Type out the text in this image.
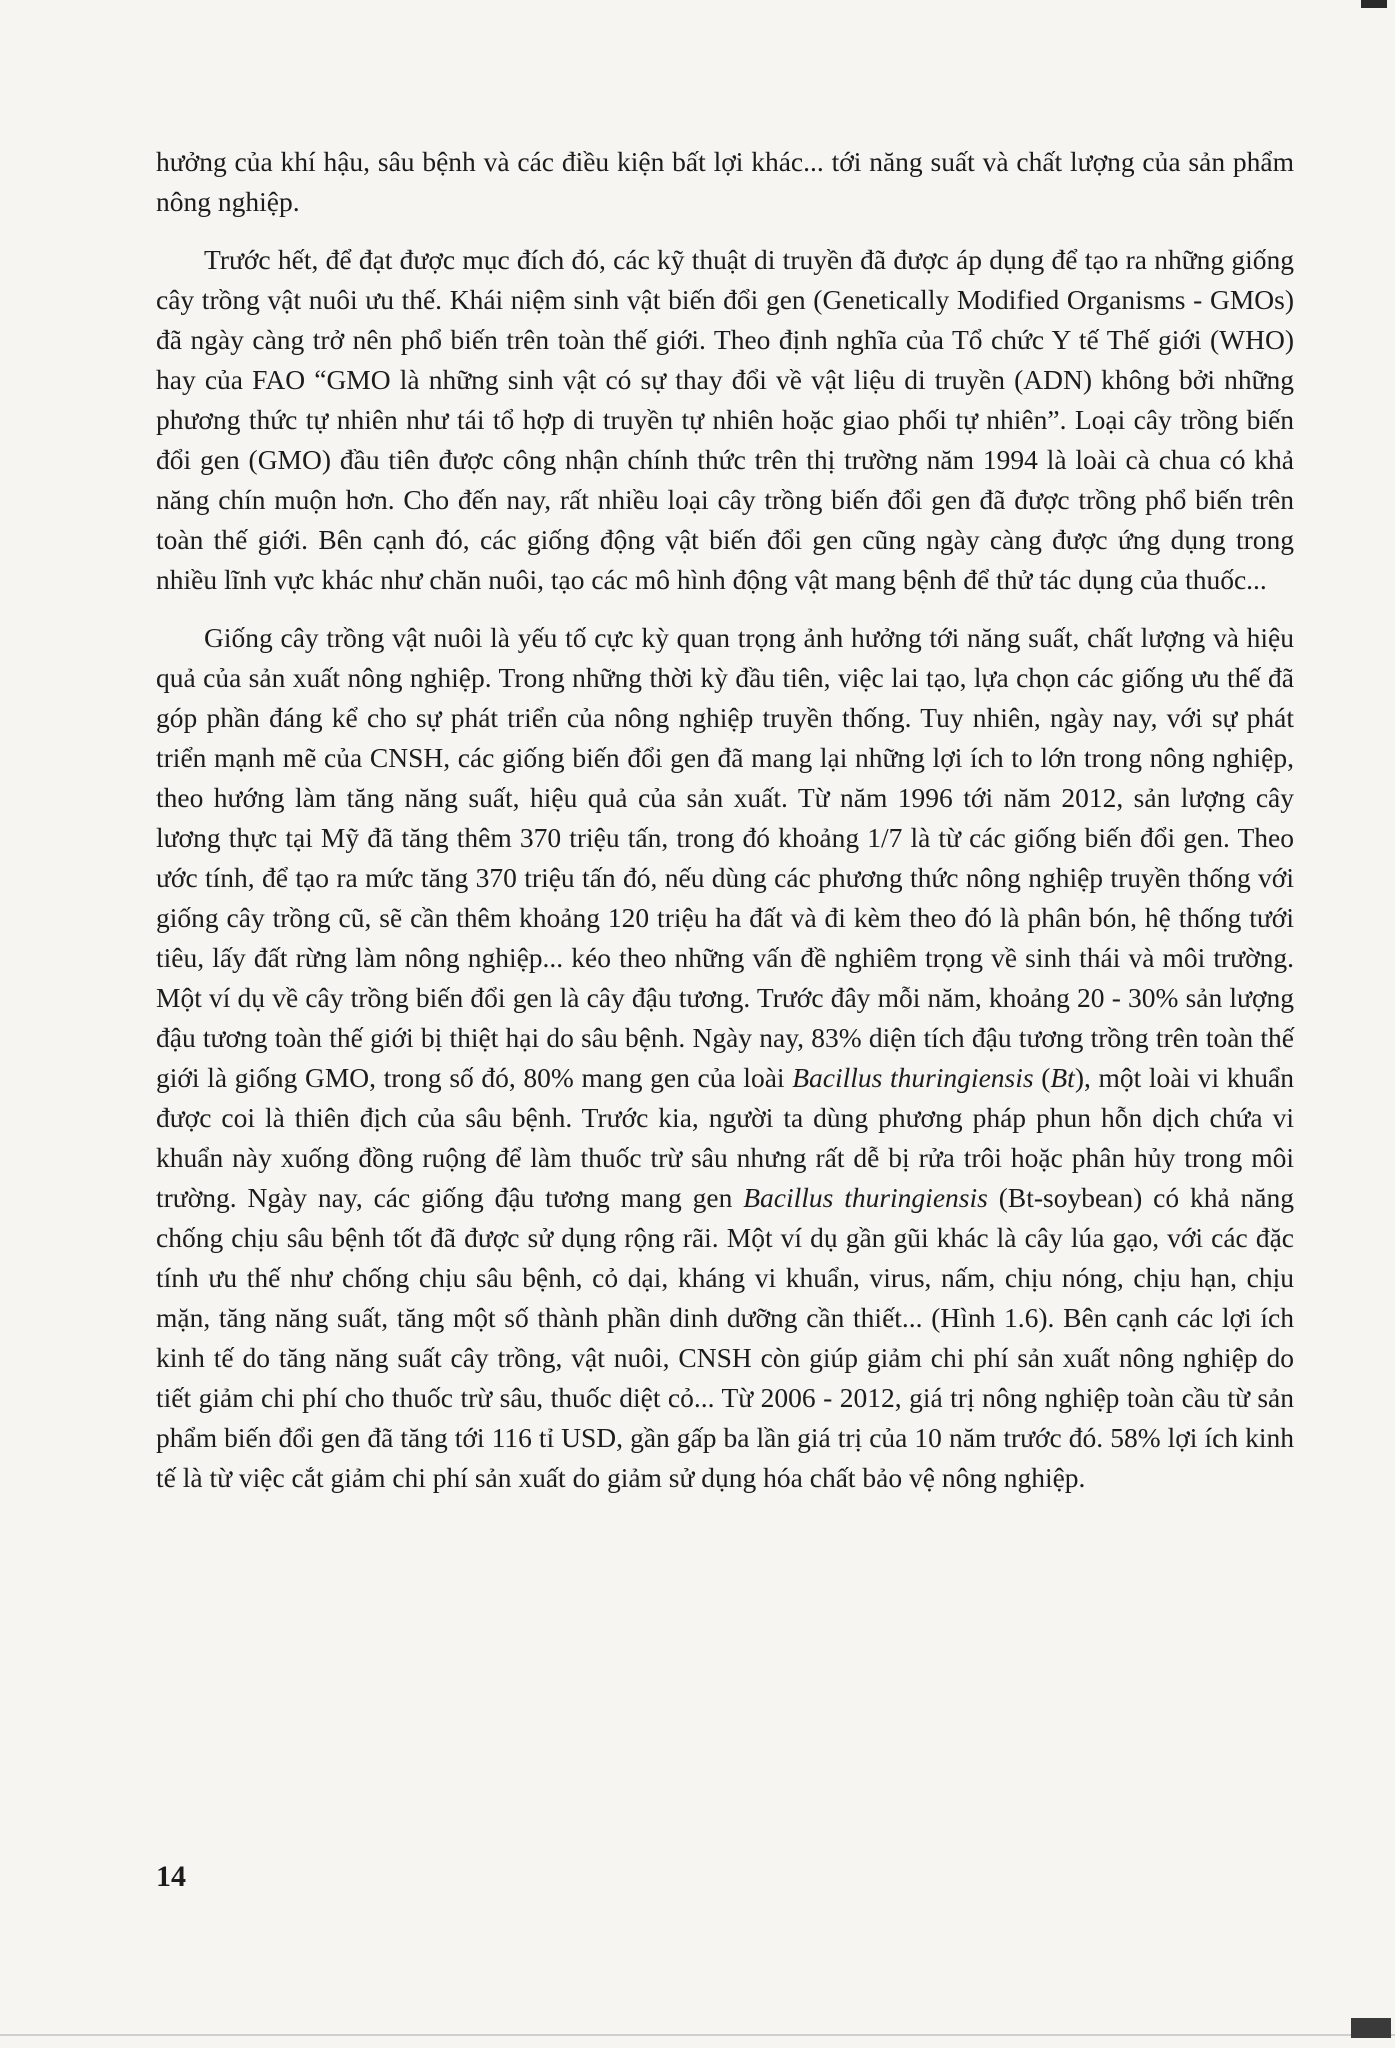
hưởng của khí hậu, sâu bệnh và các điều kiện bất lợi khác... tới năng suất và chất lượng của sản phẩm nông nghiệp.

Trước hết, để đạt được mục đích đó, các kỹ thuật di truyền đã được áp dụng để tạo ra những giống cây trồng vật nuôi ưu thế. Khái niệm sinh vật biến đổi gen (Genetically Modified Organisms - GMOs) đã ngày càng trở nên phổ biến trên toàn thế giới. Theo định nghĩa của Tổ chức Y tế Thế giới (WHO) hay của FAO “GMO là những sinh vật có sự thay đổi về vật liệu di truyền (ADN) không bởi những phương thức tự nhiên như tái tổ hợp di truyền tự nhiên hoặc giao phối tự nhiên”. Loại cây trồng biến đổi gen (GMO) đầu tiên được công nhận chính thức trên thị trường năm 1994 là loài cà chua có khả năng chín muộn hơn. Cho đến nay, rất nhiều loại cây trồng biến đổi gen đã được trồng phổ biến trên toàn thế giới. Bên cạnh đó, các giống động vật biến đổi gen cũng ngày càng được ứng dụng trong nhiều lĩnh vực khác như chăn nuôi, tạo các mô hình động vật mang bệnh để thử tác dụng của thuốc...

Giống cây trồng vật nuôi là yếu tố cực kỳ quan trọng ảnh hưởng tới năng suất, chất lượng và hiệu quả của sản xuất nông nghiệp. Trong những thời kỳ đầu tiên, việc lai tạo, lựa chọn các giống ưu thế đã góp phần đáng kể cho sự phát triển của nông nghiệp truyền thống. Tuy nhiên, ngày nay, với sự phát triển mạnh mẽ của CNSH, các giống biến đổi gen đã mang lại những lợi ích to lớn trong nông nghiệp, theo hướng làm tăng năng suất, hiệu quả của sản xuất. Từ năm 1996 tới năm 2012, sản lượng cây lương thực tại Mỹ đã tăng thêm 370 triệu tấn, trong đó khoảng 1/7 là từ các giống biến đổi gen. Theo ước tính, để tạo ra mức tăng 370 triệu tấn đó, nếu dùng các phương thức nông nghiệp truyền thống với giống cây trồng cũ, sẽ cần thêm khoảng 120 triệu ha đất và đi kèm theo đó là phân bón, hệ thống tưới tiêu, lấy đất rừng làm nông nghiệp... kéo theo những vấn đề nghiêm trọng về sinh thái và môi trường. Một ví dụ về cây trồng biến đổi gen là cây đậu tương. Trước đây mỗi năm, khoảng 20 - 30% sản lượng đậu tương toàn thế giới bị thiệt hại do sâu bệnh. Ngày nay, 83% diện tích đậu tương trồng trên toàn thế giới là giống GMO, trong số đó, 80% mang gen của loài Bacillus thuringiensis (Bt), một loài vi khuẩn được coi là thiên địch của sâu bệnh. Trước kia, người ta dùng phương pháp phun hỗn dịch chứa vi khuẩn này xuống đồng ruộng để làm thuốc trừ sâu nhưng rất dễ bị rửa trôi hoặc phân hủy trong môi trường. Ngày nay, các giống đậu tương mang gen Bacillus thuringiensis (Bt-soybean) có khả năng chống chịu sâu bệnh tốt đã được sử dụng rộng rãi. Một ví dụ gần gũi khác là cây lúa gạo, với các đặc tính ưu thế như chống chịu sâu bệnh, cỏ dại, kháng vi khuẩn, virus, nấm, chịu nóng, chịu hạn, chịu mặn, tăng năng suất, tăng một số thành phần dinh dưỡng cần thiết... (Hình 1.6). Bên cạnh các lợi ích kinh tế do tăng năng suất cây trồng, vật nuôi, CNSH còn giúp giảm chi phí sản xuất nông nghiệp do tiết giảm chi phí cho thuốc trừ sâu, thuốc diệt cỏ... Từ 2006 - 2012, giá trị nông nghiệp toàn cầu từ sản phẩm biến đổi gen đã tăng tới 116 tỉ USD, gần gấp ba lần giá trị của 10 năm trước đó. 58% lợi ích kinh tế là từ việc cắt giảm chi phí sản xuất do giảm sử dụng hóa chất bảo vệ nông nghiệp.

14
